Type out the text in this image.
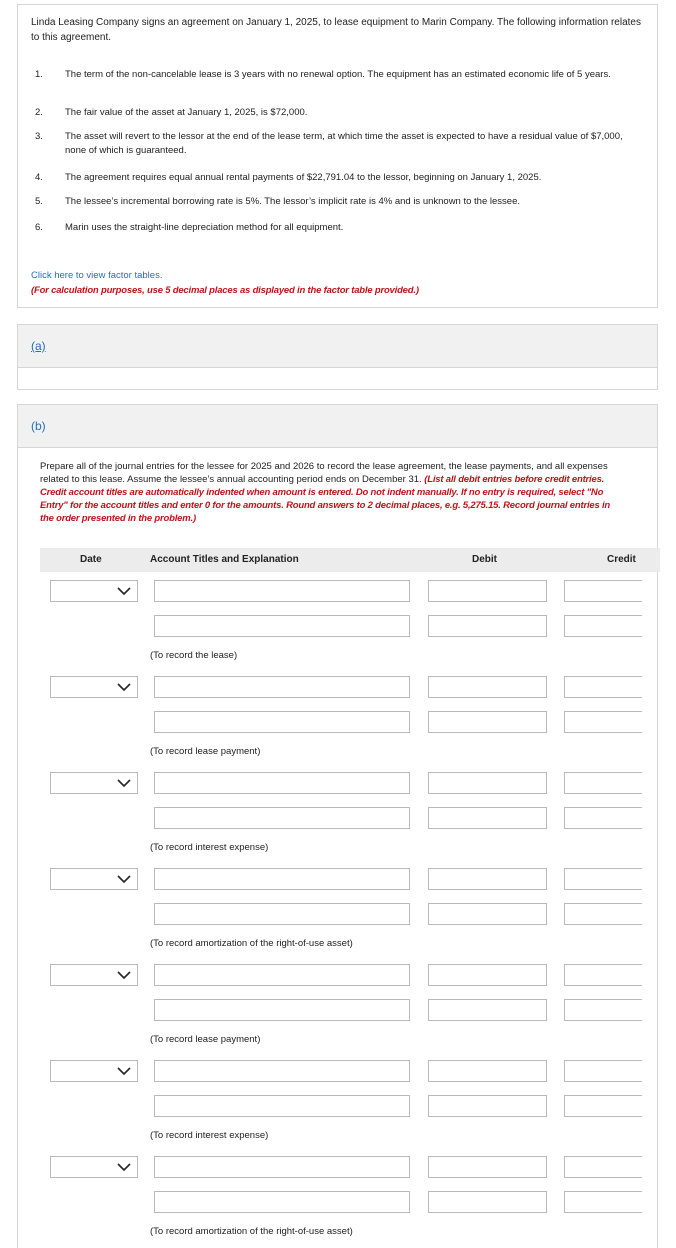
Linda Leasing Company signs an agreement on January 1, 2025, to lease equipment to Marin Company. The following information relates to this agreement.
1.	The term of the non-cancelable lease is 3 years with no renewal option. The equipment has an estimated economic life of 5 years.
2.	The fair value of the asset at January 1, 2025, is $72,000.
3.	The asset will revert to the lessor at the end of the lease term, at which time the asset is expected to have a residual value of $7,000, none of which is guaranteed.
4.	The agreement requires equal annual rental payments of $22,791.04 to the lessor, beginning on January 1, 2025.
5.	The lessee’s incremental borrowing rate is 5%. The lessor’s implicit rate is 4% and is unknown to the lessee.
6.	Marin uses the straight-line depreciation method for all equipment.
Click here to view factor tables.
(For calculation purposes, use 5 decimal places as displayed in the factor table provided.)
(a)
(b)
Prepare all of the journal entries for the lessee for 2025 and 2026 to record the lease agreement, the lease payments, and all expenses related to this lease. Assume the lessee’s annual accounting period ends on December 31. (List all debit entries before credit entries. Credit account titles are automatically indented when amount is entered. Do not indent manually. If no entry is required, select "No Entry" for the account titles and enter 0 for the amounts. Round answers to 2 decimal places, e.g. 5,275.15. Record journal entries in the order presented in the problem.)
Date	Account Titles and Explanation	Debit	Credit
(To record the lease)
(To record lease payment)
(To record interest expense)
(To record amortization of the right-of-use asset)
(To record lease payment)
(To record interest expense)
(To record amortization of the right-of-use asset)
